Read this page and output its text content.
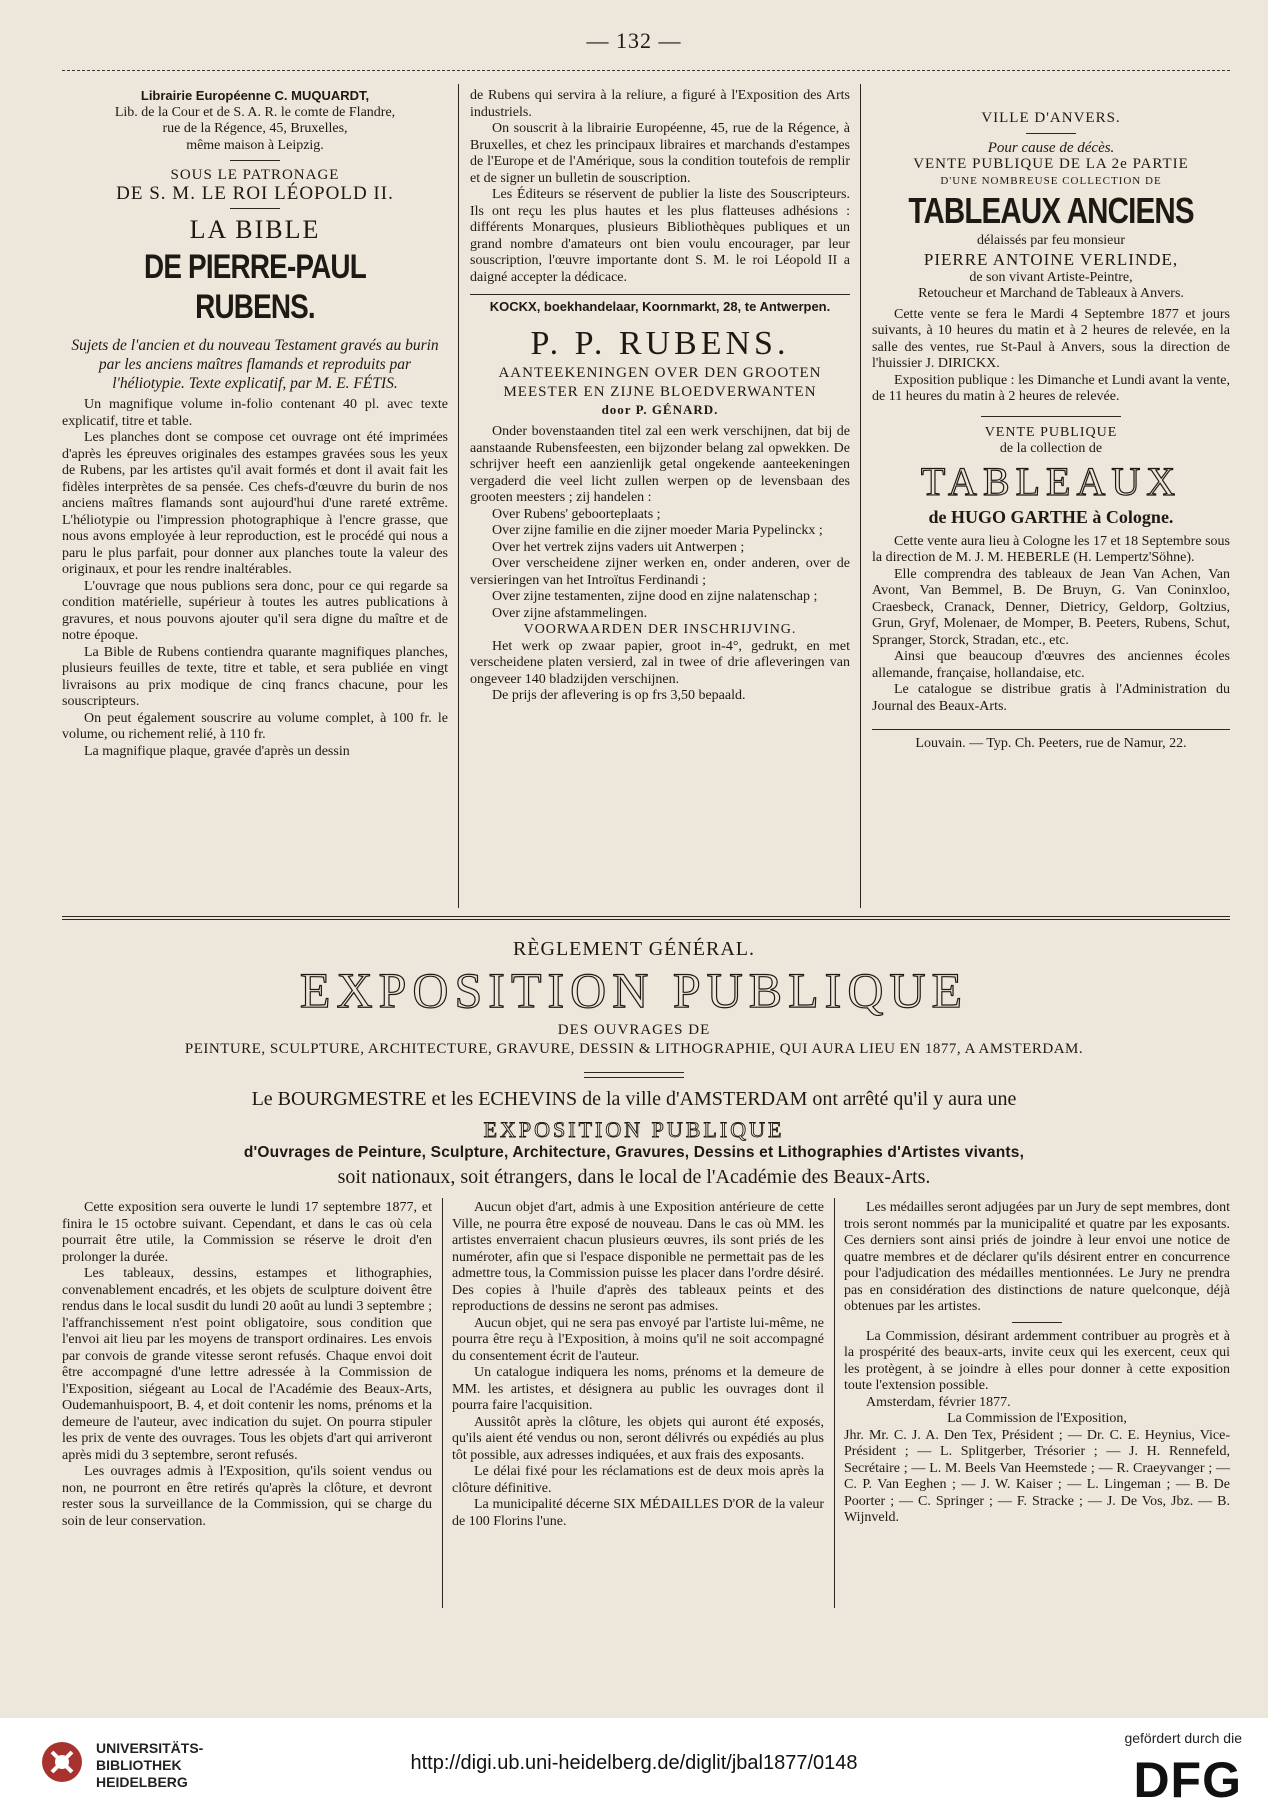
— 132 —

Librairie Européenne C. MUQUARDT,

Lib. de la Cour et de S. A. R. le comte de Flandre,

rue de la Régence, 45, Bruxelles,

même maison à Leipzig.

SOUS LE PATRONAGE

DE S. M. LE ROI LÉOPOLD II.

LA BIBLE

DE PIERRE-PAUL RUBENS.

Sujets de l'ancien et du nouveau Testament gravés au burin par les anciens maîtres flamands et reproduits par l'héliotypie. Texte explicatif, par M. E. FÉTIS.

Un magnifique volume in-folio contenant 40 pl. avec texte explicatif, titre et table.

Les planches dont se compose cet ouvrage ont été imprimées d'après les épreuves originales des estampes gravées sous les yeux de Rubens, par les artistes qu'il avait formés et dont il avait fait les fidèles interprètes de sa pensée. Ces chefs-d'œuvre du burin de nos anciens maîtres flamands sont aujourd'hui d'une rareté extrême. L'héliotypie ou l'impression photographique à l'encre grasse, que nous avons employée à leur reproduction, est le procédé qui nous a paru le plus parfait, pour donner aux planches toute la valeur des originaux, et pour les rendre inaltérables.

L'ouvrage que nous publions sera donc, pour ce qui regarde sa condition matérielle, supérieur à toutes les autres publications à gravures, et nous pouvons ajouter qu'il sera digne du maître et de notre époque.

La Bible de Rubens contiendra quarante magnifiques planches, plusieurs feuilles de texte, titre et table, et sera publiée en vingt livraisons au prix modique de cinq francs chacune, pour les souscripteurs.

On peut également souscrire au volume complet, à 100 fr. le volume, ou richement relié, à 110 fr.

La magnifique plaque, gravée d'après un dessin

de Rubens qui servira à la reliure, a figuré à l'Exposition des Arts industriels.

On souscrit à la librairie Européenne, 45, rue de la Régence, à Bruxelles, et chez les principaux libraires et marchands d'estampes de l'Europe et de l'Amérique, sous la condition toutefois de remplir et de signer un bulletin de souscription.

Les Éditeurs se réservent de publier la liste des Souscripteurs. Ils ont reçu les plus hautes et les plus flatteuses adhésions : différents Monarques, plusieurs Bibliothèques publiques et un grand nombre d'amateurs ont bien voulu encourager, par leur souscription, l'œuvre importante dont S. M. le roi Léopold II a daigné accepter la dédicace.

KOCKX, boekhandelaar, Koornmarkt, 28, te Antwerpen.

P. P. RUBENS.

AANTEEKENINGEN OVER DEN GROOTEN MEESTER EN ZIJNE BLOEDVERWANTEN

door P. GÉNARD.

Onder bovenstaanden titel zal een werk verschijnen, dat bij de aanstaande Rubensfeesten, een bijzonder belang zal opwekken. De schrijver heeft een aanzienlijk getal ongekende aanteekeningen vergaderd die veel licht zullen werpen op de levensbaan des grooten meesters ; zij handelen :

Over Rubens' geboorteplaats ;

Over zijne familie en die zijner moeder Maria Pypelinckx ;

Over het vertrek zijns vaders uit Antwerpen ;

Over verscheidene zijner werken en, onder anderen, over de versieringen van het Introïtus Ferdinandi ;

Over zijne testamenten, zijne dood en zijne nalatenschap ;

Over zijne afstammelingen.

VOORWAARDEN DER INSCHRIJVING.

Het werk op zwaar papier, groot in-4°, gedrukt, en met verscheidene platen versierd, zal in twee of drie afleveringen van ongeveer 140 bladzijden verschijnen.

De prijs der aflevering is op frs 3,50 bepaald.

VILLE D'ANVERS.

Pour cause de décès.

VENTE PUBLIQUE DE LA 2e PARTIE

D'UNE NOMBREUSE COLLECTION DE

TABLEAUX ANCIENS

délaissés par feu monsieur

PIERRE ANTOINE VERLINDE,

de son vivant Artiste-Peintre,

Retoucheur et Marchand de Tableaux à Anvers.

Cette vente se fera le Mardi 4 Septembre 1877 et jours suivants, à 10 heures du matin et à 2 heures de relevée, en la salle des ventes, rue St-Paul à Anvers, sous la direction de l'huissier J. DIRICKX.

Exposition publique : les Dimanche et Lundi avant la vente, de 11 heures du matin à 2 heures de relevée.

VENTE PUBLIQUE

de la collection de

TABLEAUX

de HUGO GARTHE à Cologne.

Cette vente aura lieu à Cologne les 17 et 18 Septembre sous la direction de M. J. M. HEBERLE (H. Lempertz'Söhne).

Elle comprendra des tableaux de Jean Van Achen, Van Avont, Van Bemmel, B. De Bruyn, G. Van Coninxloo, Craesbeck, Cranack, Denner, Dietricy, Geldorp, Goltzius, Grun, Gryf, Molenaer, de Momper, B. Peeters, Rubens, Schut, Spranger, Storck, Stradan, etc., etc.

Ainsi que beaucoup d'œuvres des anciennes écoles allemande, française, hollandaise, etc.

Le catalogue se distribue gratis à l'Administration du Journal des Beaux-Arts.

Louvain. — Typ. Ch. Peeters, rue de Namur, 22.

RÈGLEMENT GÉNÉRAL.
EXPOSITION PUBLIQUE
DES OUVRAGES DE
PEINTURE, SCULPTURE, ARCHITECTURE, GRAVURE, DESSIN & LITHOGRAPHIE, QUI AURA LIEU EN 1877, A AMSTERDAM.
Le BOURGMESTRE et les ECHEVINS de la ville d'AMSTERDAM ont arrêté qu'il y aura une
EXPOSITION PUBLIQUE
d'Ouvrages de Peinture, Sculpture, Architecture, Gravures, Dessins et Lithographies d'Artistes vivants,
soit nationaux, soit étrangers, dans le local de l'Académie des Beaux-Arts.

Cette exposition sera ouverte le lundi 17 septembre 1877, et finira le 15 octobre suivant. Cependant, et dans le cas où cela pourrait être utile, la Commission se réserve le droit d'en prolonger la durée.

Les tableaux, dessins, estampes et lithographies, convenablement encadrés, et les objets de sculpture doivent être rendus dans le local susdit du lundi 20 août au lundi 3 septembre ; l'affranchissement n'est point obligatoire, sous condition que l'envoi ait lieu par les moyens de transport ordinaires. Les envois par convois de grande vitesse seront refusés. Chaque envoi doit être accompagné d'une lettre adressée à la Commission de l'Exposition, siégeant au Local de l'Académie des Beaux-Arts, Oudemanhuispoort, B. 4, et doit contenir les noms, prénoms et la demeure de l'auteur, avec indication du sujet. On pourra stipuler les prix de vente des ouvrages. Tous les objets d'art qui arriveront après midi du 3 septembre, seront refusés.

Les ouvrages admis à l'Exposition, qu'ils soient vendus ou non, ne pourront en être retirés qu'après la clôture, et devront rester sous la surveillance de la Commission, qui se charge du soin de leur conservation.

Aucun objet d'art, admis à une Exposition antérieure de cette Ville, ne pourra être exposé de nouveau. Dans le cas où MM. les artistes enverraient chacun plusieurs œuvres, ils sont priés de les numéroter, afin que si l'espace disponible ne permettait pas de les admettre tous, la Commission puisse les placer dans l'ordre désiré. Des copies à l'huile d'après des tableaux peints et des reproductions de dessins ne seront pas admises.

Aucun objet, qui ne sera pas envoyé par l'artiste lui-même, ne pourra être reçu à l'Exposition, à moins qu'il ne soit accompagné du consentement écrit de l'auteur.

Un catalogue indiquera les noms, prénoms et la demeure de MM. les artistes, et désignera au public les ouvrages dont il pourra faire l'acquisition.

Aussitôt après la clôture, les objets qui auront été exposés, qu'ils aient été vendus ou non, seront délivrés ou expédiés au plus tôt possible, aux adresses indiquées, et aux frais des exposants.

Le délai fixé pour les réclamations est de deux mois après la clôture définitive.

La municipalité décerne SIX MÉDAILLES D'OR de la valeur de 100 Florins l'une.

Les médailles seront adjugées par un Jury de sept membres, dont trois seront nommés par la municipalité et quatre par les exposants. Ces derniers sont ainsi priés de joindre à leur envoi une notice de quatre membres et de déclarer qu'ils désirent entrer en concurrence pour l'adjudication des médailles mentionnées. Le Jury ne prendra pas en considération des distinctions de nature quelconque, déjà obtenues par les artistes.

La Commission, désirant ardemment contribuer au progrès et à la prospérité des beaux-arts, invite ceux qui les exercent, ceux qui les protègent, à se joindre à elles pour donner à cette exposition toute l'extension possible.

Amsterdam, février 1877.

La Commission de l'Exposition,

Jhr. Mr. C. J. A. Den Tex, Président ; — Dr. C. E. Heynius, Vice-Président ; — L. Splitgerber, Trésorier ; — J. H. Rennefeld, Secrétaire ; — L. M. Beels Van Heemstede ; — R. Craeyvanger ; — C. P. Van Eeghen ; — J. W. Kaiser ; — L. Lingeman ; — B. De Poorter ; — C. Springer ; — F. Stracke ; — J. De Vos, Jbz. — B. Wijnveld.

UNIVERSITÄTS-
BIBLIOTHEK
HEIDELBERG
http://digi.ub.uni-heidelberg.de/diglit/jbal1877/0148
gefördert durch die
DFG
